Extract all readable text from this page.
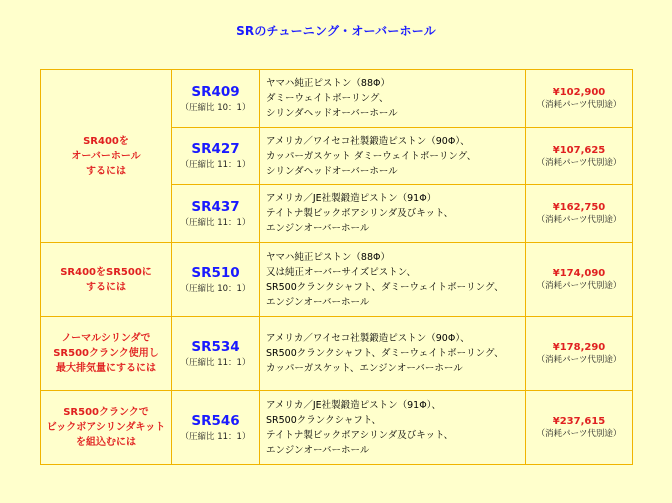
SRのチューニング・オーバーホール
SR400を
オーバーホール
するには	SR409
（圧縮比 10：1）	ヤマハ純正ピストン（88Φ）
ダミーウェイトボーリング、
シリンダヘッドオーバーホール	¥102,900
（消耗パーツ代別途）

	SR427
（圧縮比 11：1）	アメリカ／ワイセコ社製鍛造ピストン（90Φ）、
カッパーガスケット ダミーウェイトボーリング、
シリンダヘッドオーバーホール	¥107,625
（消耗パーツ代別途）

	SR437
（圧縮比 11：1）	アメリカ／JE社製鍛造ピストン（91Φ）
テイトナ製ビックボアシリンダ及びキット、
エンジンオーバーホール	¥162,750
（消耗パーツ代別途）

SR400をSR500に
するには	SR510
（圧縮比 10：1）	ヤマハ純正ピストン（88Φ）
又は純正オーバーサイズピストン、
SR500クランクシャフト、ダミーウェイトボーリング、
エンジンオーバーホール	¥174,090
（消耗パーツ代別途）

ノーマルシリンダで
SR500クランク使用し
最大排気量にするには	SR534
（圧縮比 11：1）	アメリカ／ワイセコ社製鍛造ピストン（90Φ）、
SR500クランクシャフト、ダミーウェイトボーリング、
カッパーガスケット、エンジンオーバーホール	¥178,290
（消耗パーツ代別途）

SR500クランクで
ビックボアシリンダキット
を組込むには	SR546
（圧縮比 11：1）	アメリカ／JE社製鍛造ピストン（91Φ）、
SR500クランクシャフト、
テイトナ製ビックボアシリンダ及びキット、
エンジンオーバーホール	¥237,615
（消耗パーツ代別途）
